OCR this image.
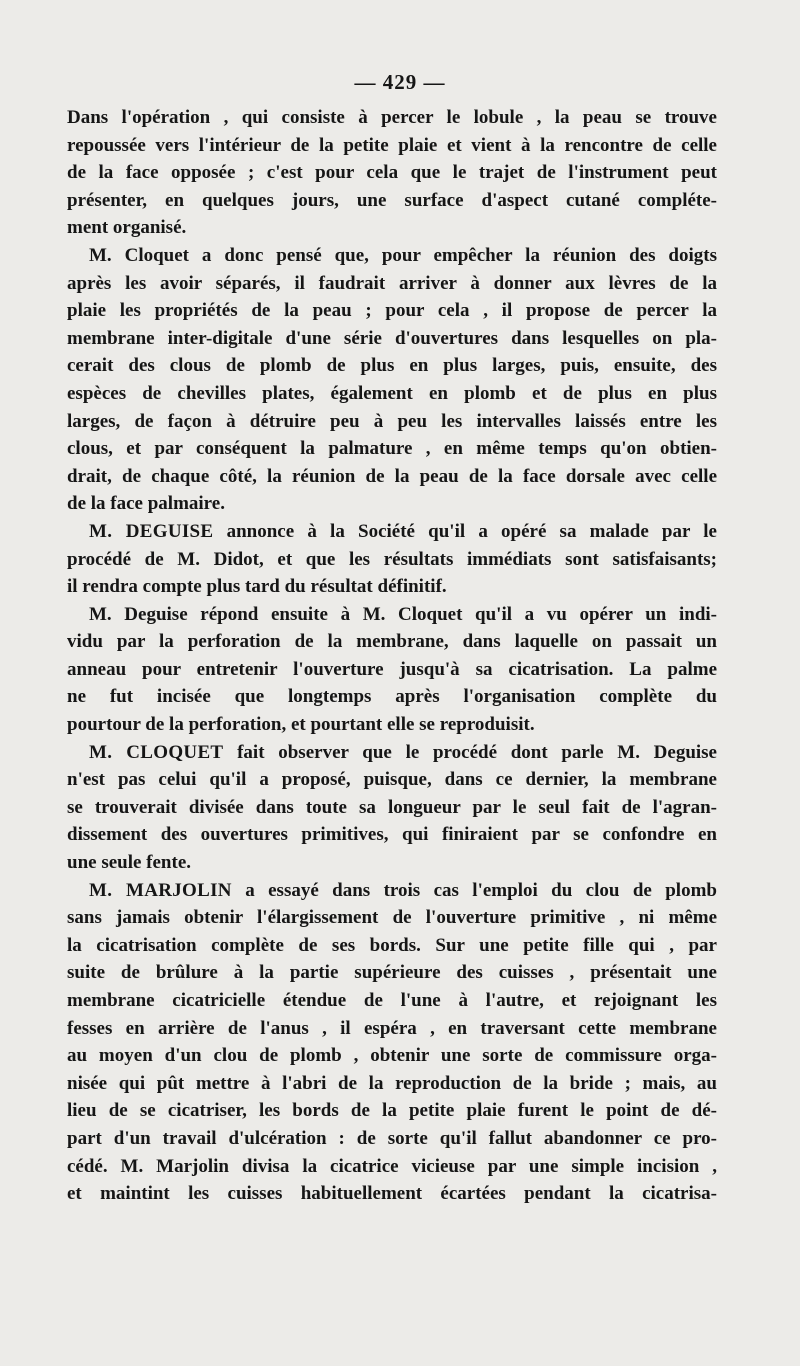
— 429 —
Dans l'opération , qui consiste à percer le lobule , la peau se trouve
repoussée vers l'intérieur de la petite plaie et vient à la rencontre de celle
de la face opposée ; c'est pour cela que le trajet de l'instrument peut
présenter, en quelques jours, une surface d'aspect cutané compléte-
ment organisé.
M. Cloquet a donc pensé que, pour empêcher la réunion des doigts
après les avoir séparés, il faudrait arriver à donner aux lèvres de la
plaie les propriétés de la peau ; pour cela , il propose de percer la
membrane inter-digitale d'une série d'ouvertures dans lesquelles on pla-
cerait des clous de plomb de plus en plus larges, puis, ensuite, des
espèces de chevilles plates, également en plomb et de plus en plus
larges, de façon à détruire peu à peu les intervalles laissés entre les
clous, et par conséquent la palmature , en même temps qu'on obtien-
drait, de chaque côté, la réunion de la peau de la face dorsale avec celle
de la face palmaire.
M. DEGUISE annonce à la Société qu'il a opéré sa malade par le
procédé de M. Didot, et que les résultats immédiats sont satisfaisants;
il rendra compte plus tard du résultat définitif.
M. Deguise répond ensuite à M. Cloquet qu'il a vu opérer un indi-
vidu par la perforation de la membrane, dans laquelle on passait un
anneau pour entretenir l'ouverture jusqu'à sa cicatrisation. La palme
ne fut incisée que longtemps après l'organisation complète du
pourtour de la perforation, et pourtant elle se reproduisit.
M. CLOQUET fait observer que le procédé dont parle M. Deguise
n'est pas celui qu'il a proposé, puisque, dans ce dernier, la membrane
se trouverait divisée dans toute sa longueur par le seul fait de l'agran-
dissement des ouvertures primitives, qui finiraient par se confondre en
une seule fente.
M. MARJOLIN a essayé dans trois cas l'emploi du clou de plomb
sans jamais obtenir l'élargissement de l'ouverture primitive , ni même
la cicatrisation complète de ses bords. Sur une petite fille qui , par
suite de brûlure à la partie supérieure des cuisses , présentait une
membrane cicatricielle étendue de l'une à l'autre, et rejoignant les
fesses en arrière de l'anus , il espéra , en traversant cette membrane
au moyen d'un clou de plomb , obtenir une sorte de commissure orga-
nisée qui pût mettre à l'abri de la reproduction de la bride ; mais, au
lieu de se cicatriser, les bords de la petite plaie furent le point de dé-
part d'un travail d'ulcération : de sorte qu'il fallut abandonner ce pro-
cédé. M. Marjolin divisa la cicatrice vicieuse par une simple incision ,
et maintint les cuisses habituellement écartées pendant la cicatrisa-
